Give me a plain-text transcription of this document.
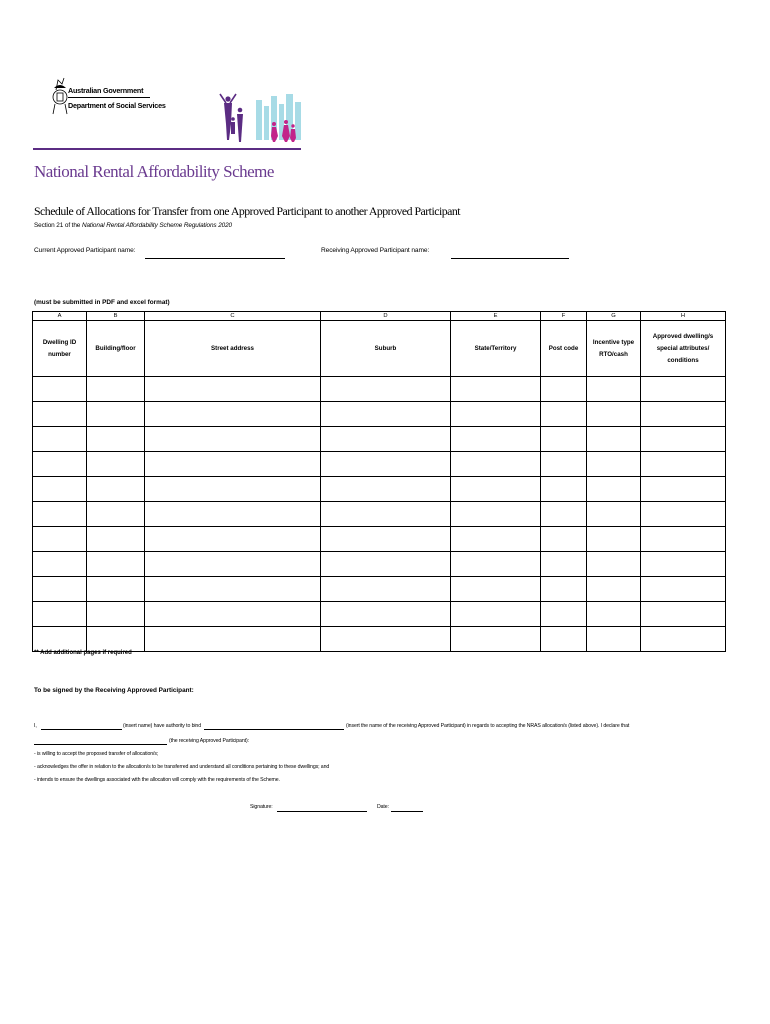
Australian Government
Department of Social Services
National Rental Affordability Scheme
Schedule of Allocations for Transfer from one Approved Participant to another Approved Participant
Section 21 of the National Rental Affordability Scheme Regulations 2020
Current Approved Participant name:	Receiving Approved Participant name:
(must be submitted in PDF and excel format)
A	B	C	D	E	F	G	H
Dwelling ID number	Building/floor	Street address	Suburb	State/Territory	Post code	Incentive type RTO/cash	Approved dwelling/s special attributes/ conditions

** Add additional pages if required
To be signed by the Receiving Approved Participant:
I,	(insert name) have authority to bind	(insert the name of the receiving Approved Participant) in regards to accepting the NRAS allocation/s (listed above). I declare that
(the receiving Approved Participant):
- is willing to accept the proposed transfer of allocation/s;
- acknowledges the offer in relation to the allocation/s to be transferred and understand all conditions pertaining to these dwellings; and
- intends to ensure the dwellings associated with the allocation will comply with the requirements of the Scheme.
Signature:	Date:
